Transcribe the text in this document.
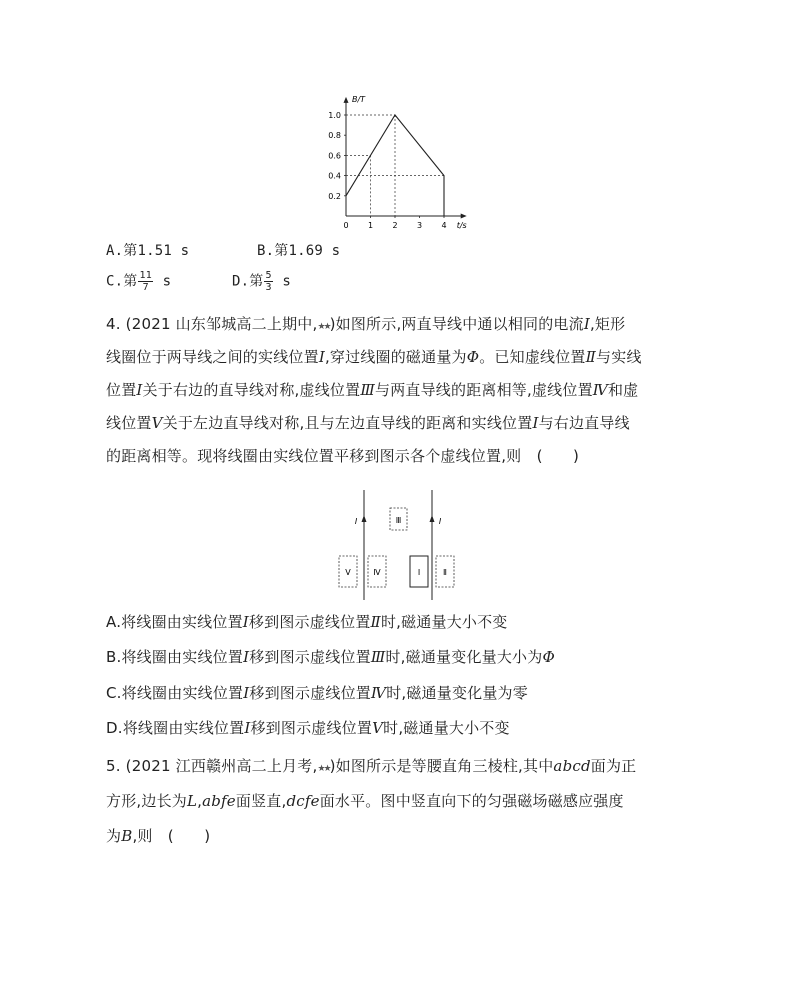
B/T
t/s
1.0
0.8
0.6
0.4
0.2
0 1 2 3 4
A.第1.51 s	B.第1.69 s
C.第 $\frac{11}{7}$ s	D.第 $\frac{5}{3}$ s
4. (2021 山东邹城高二上期中,★★)如图所示,两直导线中通以相同的电流I,矩形
线圈位于两导线之间的实线位置Ⅰ,穿过线圈的磁通量为Φ。已知虚线位置Ⅱ与实线
位置Ⅰ关于右边的直导线对称,虚线位置Ⅲ与两直导线的距离相等,虚线位置Ⅳ和虚
线位置Ⅴ关于左边直导线对称,且与左边直导线的距离和实线位置Ⅰ与右边直导线
的距离相等。现将线圈由实线位置平移到图示各个虚线位置,则　(　　)
I	I
Ⅲ
Ⅴ	Ⅳ	Ⅰ	Ⅱ
A.将线圈由实线位置Ⅰ移到图示虚线位置Ⅱ时,磁通量大小不变
B.将线圈由实线位置Ⅰ移到图示虚线位置Ⅲ时,磁通量变化量大小为Φ
C.将线圈由实线位置Ⅰ移到图示虚线位置Ⅳ时,磁通量变化量为零
D.将线圈由实线位置Ⅰ移到图示虚线位置Ⅴ时,磁通量大小不变
5. (2021 江西赣州高二上月考,★★)如图所示是等腰直角三棱柱,其中abcd面为正
方形,边长为L,abfe面竖直,dcfe面水平。图中竖直向下的匀强磁场磁感应强度
为B,则　(　　)
